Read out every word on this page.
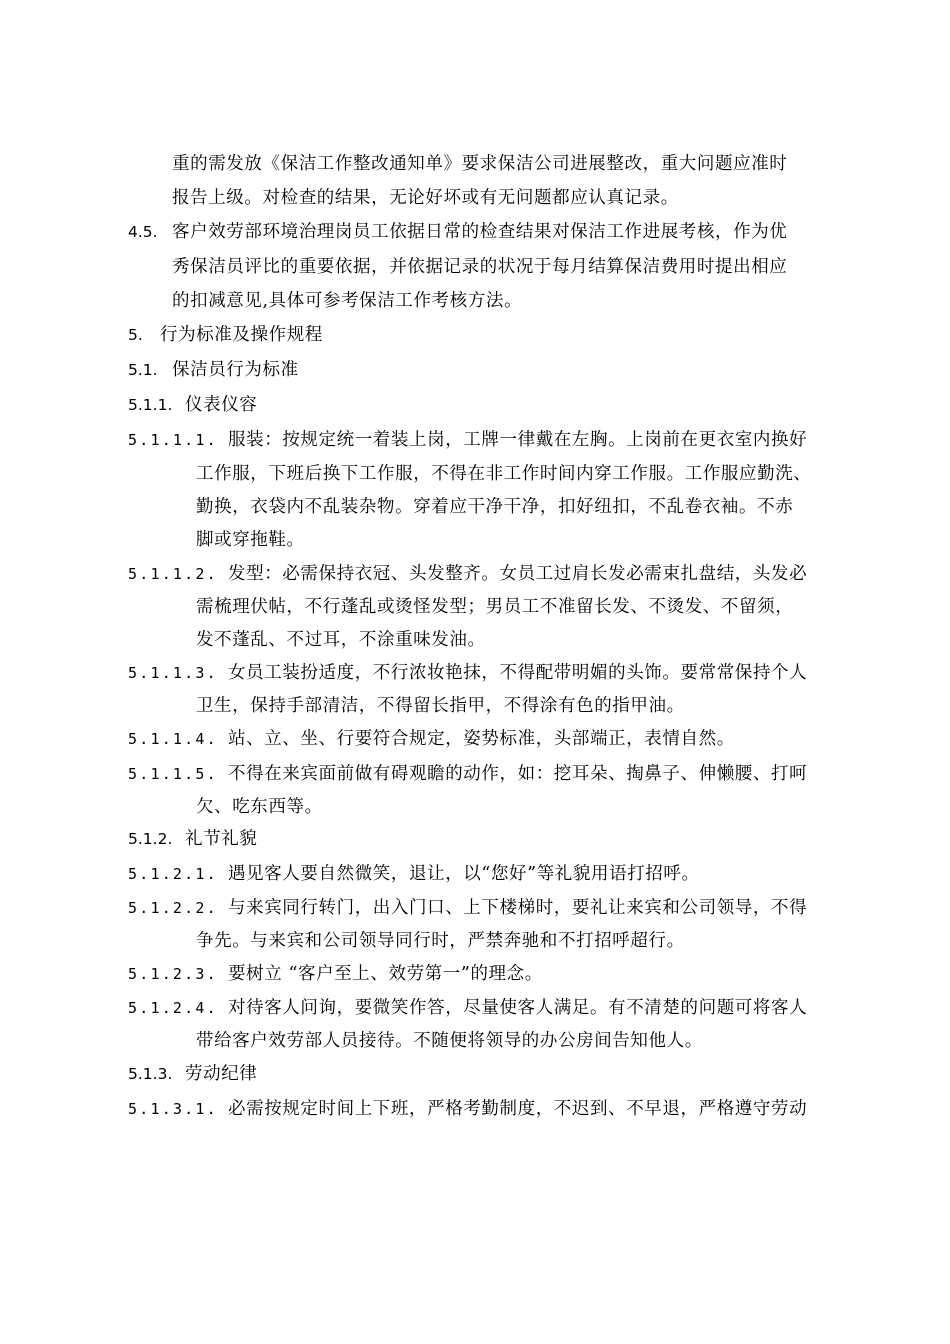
重的需发放《保洁工作整改通知单》要求保洁公司进展整改，重大问题应准时
报告上级。对检查的结果，无论好坏或有无问题都应认真记录。
4.5. 客户效劳部环境治理岗员工依据日常的检查结果对保洁工作进展考核，作为优
秀保洁员评比的重要依据，并依据记录的状况于每月结算保洁费用时提出相应
的扣减意见,具体可参考保洁工作考核方法。
5. 行为标准及操作规程
5.1. 保洁员行为标准
5.1.1. 仪表仪容
5.1.1.1. 服装：按规定统一着装上岗，工牌一律戴在左胸。上岗前在更衣室内换好
工作服，下班后换下工作服，不得在非工作时间内穿工作服。工作服应勤洗、
勤换，衣袋内不乱装杂物。穿着应干净干净，扣好纽扣，不乱卷衣袖。不赤
脚或穿拖鞋。
5.1.1.2. 发型：必需保持衣冠、头发整齐。女员工过肩长发必需束扎盘结，头发必
需梳理伏帖，不行蓬乱或烫怪发型；男员工不准留长发、不烫发、不留须，
发不蓬乱、不过耳，不涂重味发油。
5.1.1.3. 女员工装扮适度，不行浓妆艳抹，不得配带明媚的头饰。要常常保持个人
卫生，保持手部清洁，不得留长指甲，不得涂有色的指甲油。
5.1.1.4. 站、立、坐、行要符合规定，姿势标准，头部端正，表情自然。
5.1.1.5. 不得在来宾面前做有碍观瞻的动作，如：挖耳朵、掏鼻子、伸懒腰、打呵
欠、吃东西等。
5.1.2. 礼节礼貌
5.1.2.1. 遇见客人要自然微笑，退让，以“您好”等礼貌用语打招呼。
5.1.2.2. 与来宾同行转门，出入门口、上下楼梯时，要礼让来宾和公司领导，不得
争先。与来宾和公司领导同行时，严禁奔驰和不打招呼超行。
5.1.2.3. 要树立 “客户至上、效劳第一”的理念。
5.1.2.4. 对待客人问询，要微笑作答，尽量使客人满足。有不清楚的问题可将客人
带给客户效劳部人员接待。不随便将领导的办公房间告知他人。
5.1.3. 劳动纪律
5.1.3.1. 必需按规定时间上下班，严格考勤制度，不迟到、不早退，严格遵守劳动
